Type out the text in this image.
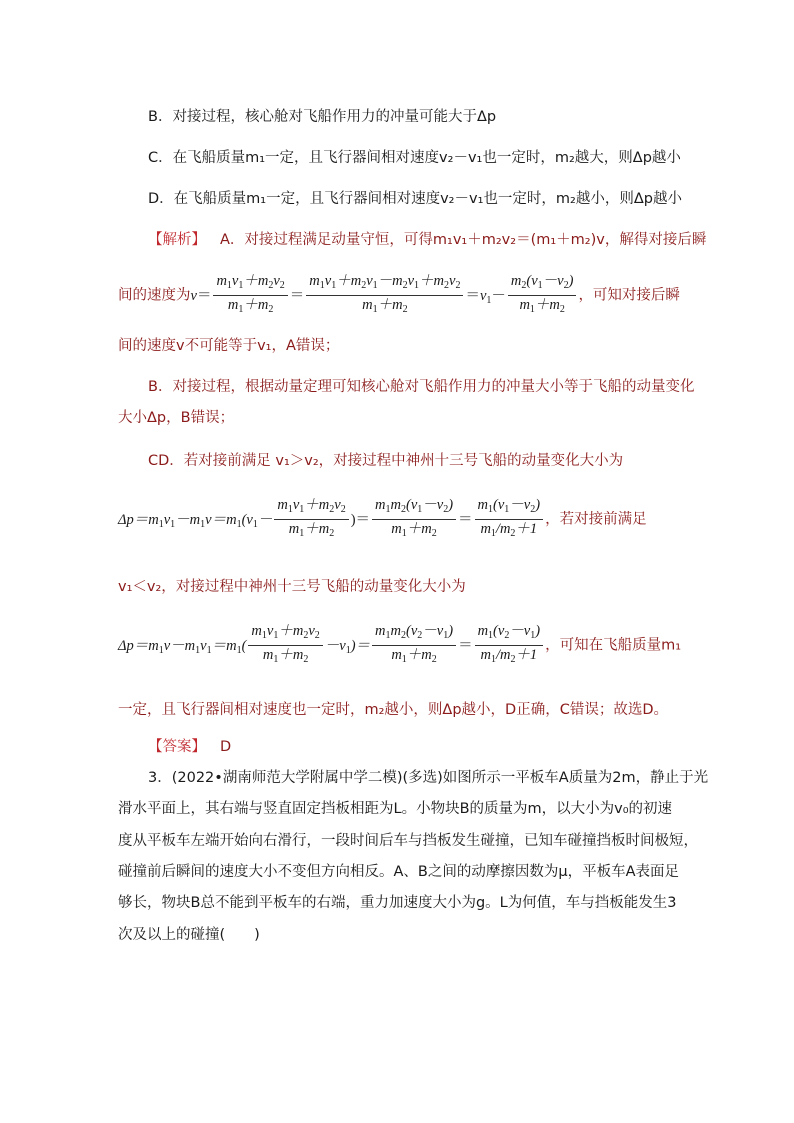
B．对接过程，核心舱对飞船作用力的冲量可能大于Δp
C．在飞船质量m₁一定，且飞行器间相对速度v₂－v₁也一定时，m₂越大，则Δp越小
D．在飞船质量m₁一定，且飞行器间相对速度v₂－v₁也一定时，m₂越小，则Δp越小
【解析】 A．对接过程满足动量守恒，可得m₁v₁＋m₂v₂＝(m₁＋m₂)v，解得对接后瞬
间的速度为$v= \frac{m_1v_1+m_2v_2}{m_1+m_2} = \frac{m_1v_1+m_2v_1-m_2v_1+m_2v_2}{m_1+m_2} =v_1- \frac{m_2(v_1-v_2)}{m_1+m_2}$ ，可知对接后瞬
间的速度v不可能等于v₁，A错误；
B．对接过程，根据动量定理可知核心舱对飞船作用力的冲量大小等于飞船的动量变化
大小Δp，B错误；
CD．若对接前满足 v₁＞v₂，对接过程中神州十三号飞船的动量变化大小为
$\Delta p=m_1v_1-m_1v=m_1(v_1- \frac{m_1v_1+m_2v_2}{m_1+m_2}$ )＝ $\frac{m_1m_2(v_1-v_2)}{m_1+m_2} = \frac{m_1(v_1-v_2)}{m_1/m_2+1}$ ，若对接前满足
v₁＜v₂，对接过程中神州十三号飞船的动量变化大小为
$\Delta p=m_1v-m_1v_1=m_1( \frac{m_1v_1+m_2v_2}{m_1+m_2} -v_1)= \frac{m_1m_2(v_2-v_1)}{m_1+m_2} = \frac{m_1(v_2-v_1)}{m_1/m_2+1}$ ，可知在飞船质量m₁
一定，且飞行器间相对速度也一定时，m₂越小，则Δp越小，D正确，C错误；故选D。
【答案】 D
3．(2022•湖南师范大学附属中学二模)(多选)如图所示一平板车A质量为2m，静止于光
滑水平面上，其右端与竖直固定挡板相距为L。小物块B的质量为m，以大小为v₀的初速
度从平板车左端开始向右滑行，一段时间后车与挡板发生碰撞，已知车碰撞挡板时间极短，
碰撞前后瞬间的速度大小不变但方向相反。A、B之间的动摩擦因数为μ，平板车A表面足
够长，物块B总不能到平板车的右端，重力加速度大小为g。L为何值，车与挡板能发生3
次及以上的碰撞(　　)
